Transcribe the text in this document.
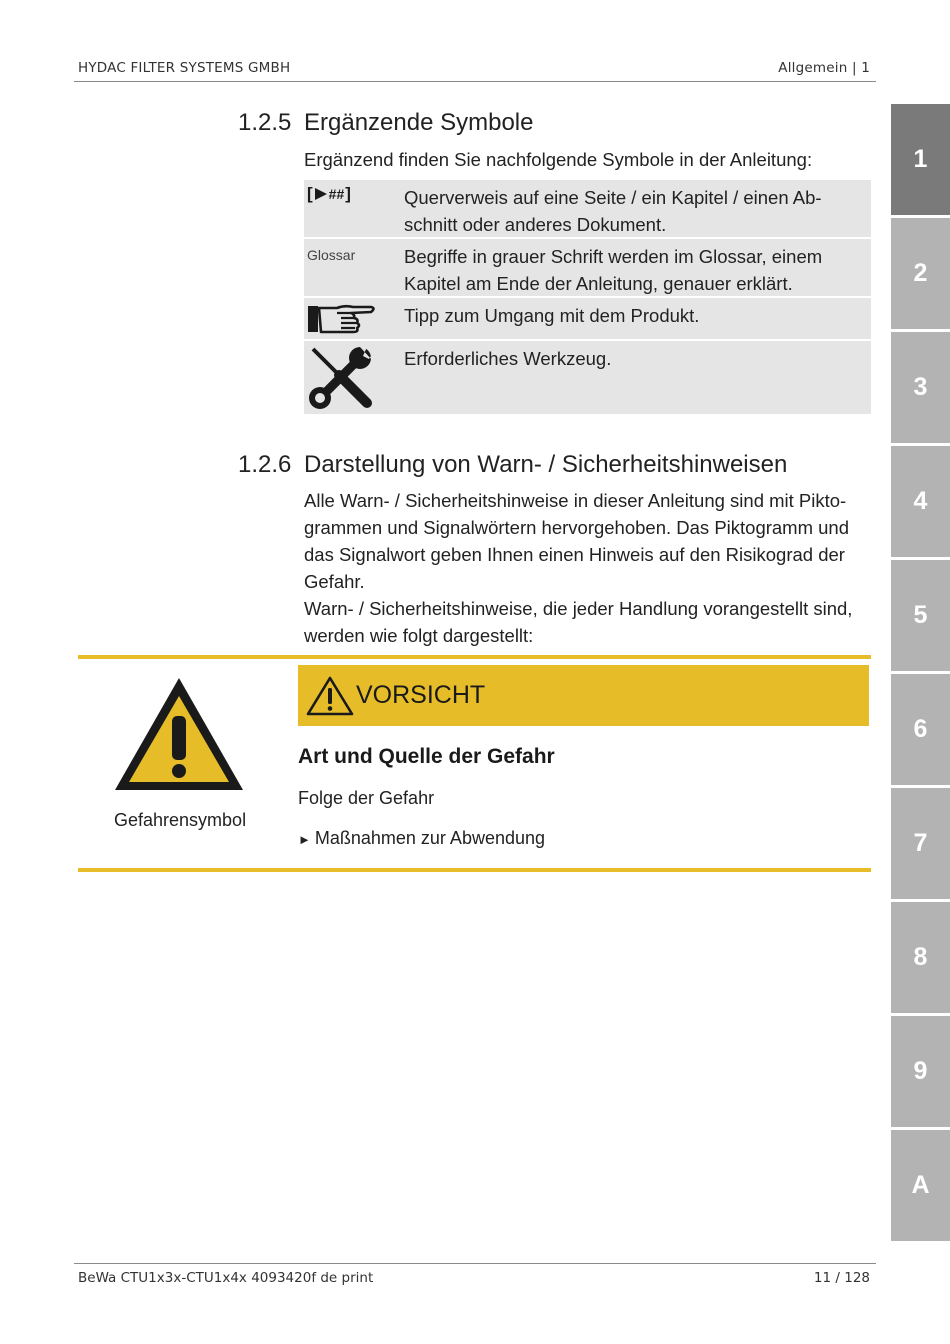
HYDAC FILTER SYSTEMS GMBH	Allgemein | 1
1
2
3
4
5
6
7
8
9
A
1.2.5 Ergänzende Symbole
Ergänzend finden Sie nachfolgende Symbole in der Anleitung:
[ ## ]	Querverweis auf eine Seite / ein Kapitel / einen Ab-schnitt oder anderes Dokument.
Glossar	Begriffe in grauer Schrift werden im Glossar, einem Kapitel am Ende der Anleitung, genauer erklärt.
Tipp zum Umgang mit dem Produkt.
Erforderliches Werkzeug.
1.2.6 Darstellung von Warn- / Sicherheitshinweisen
Alle Warn- / Sicherheitshinweise in dieser Anleitung sind mit Pikto-grammen und Signalwörtern hervorgehoben. Das Piktogramm und das Signalwort geben Ihnen einen Hinweis auf den Risikograd der Gefahr.
Warn- / Sicherheitshinweise, die jeder Handlung vorangestellt sind, werden wie folgt dargestellt:
Gefahrensymbol
VORSICHT
Art und Quelle der Gefahr
Folge der Gefahr
► Maßnahmen zur Abwendung
BeWa CTU1x3x-CTU1x4x 4093420f de print	11 / 128
